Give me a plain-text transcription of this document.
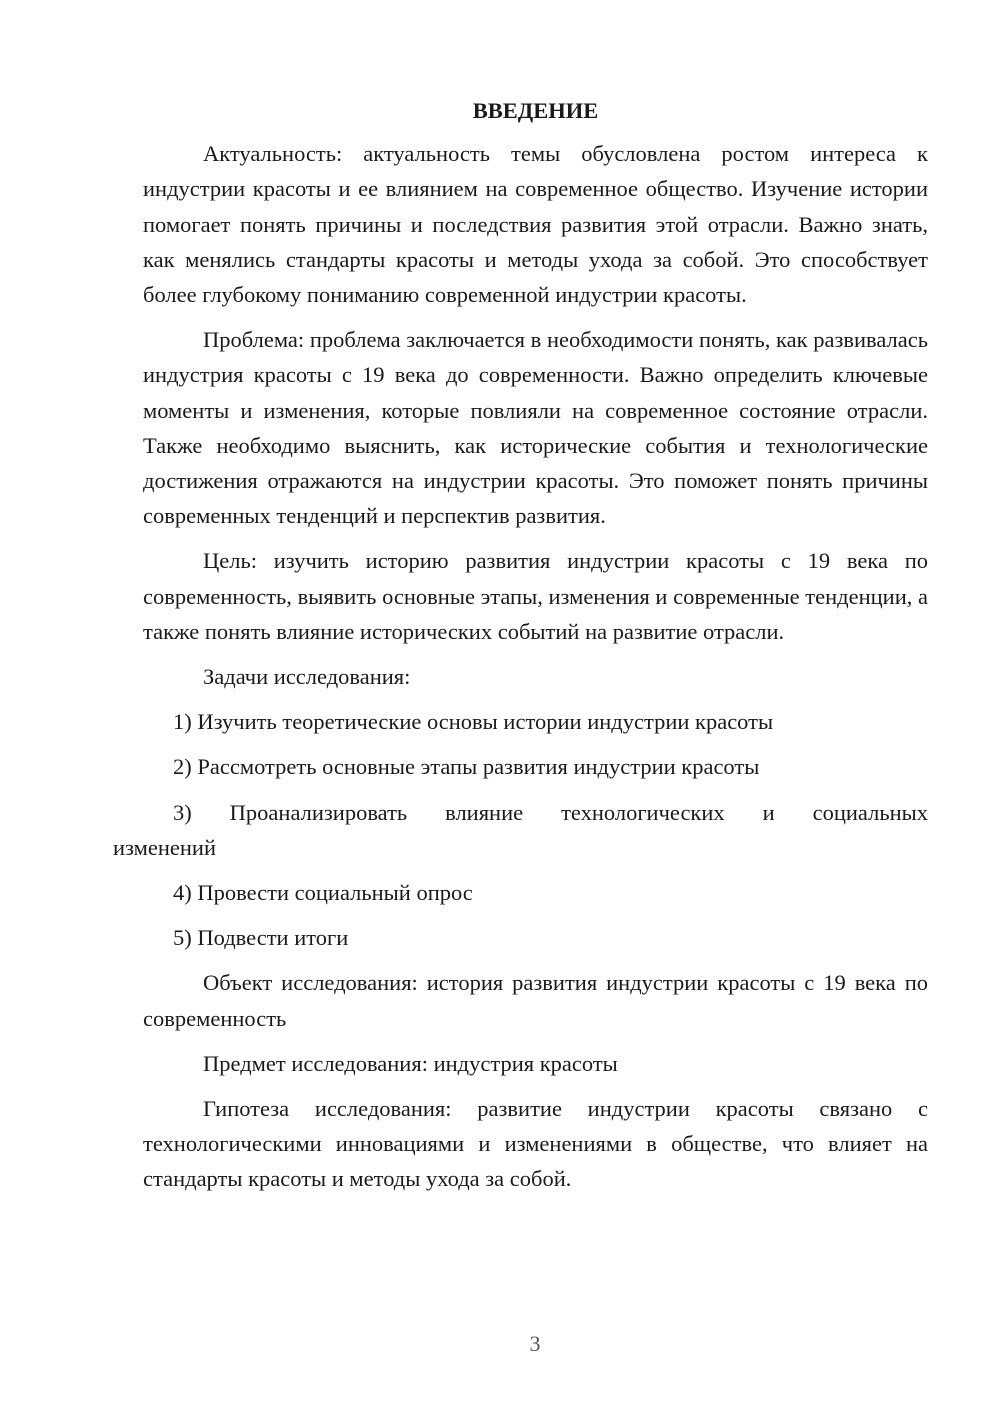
ВВЕДЕНИЕ

Актуальность: актуальность темы обусловлена ростом интереса к индустрии красоты и ее влиянием на современное общество. Изучение истории помогает понять причины и последствия развития этой отрасли. Важно знать, как менялись стандарты красоты и методы ухода за собой. Это способствует более глубокому пониманию современной индустрии красоты.

Проблема: проблема заключается в необходимости понять, как развивалась индустрия красоты с 19 века до современности. Важно определить ключевые моменты и изменения, которые повлияли на современное состояние отрасли. Также необходимо выяснить, как исторические события и технологические достижения отражаются на индустрии красоты. Это поможет понять причины современных тенденций и перспектив развития.

Цель: изучить историю развития индустрии красоты с 19 века по современность, выявить основные этапы, изменения и современные тенденции, а также понять влияние исторических событий на развитие отрасли.

Задачи исследования:

1) Изучить теоретические основы истории индустрии красоты

2) Рассмотреть основные этапы развития индустрии красоты

3) Проанализировать влияние технологических и социальных
изменений

4) Провести социальный опрос

5) Подвести итоги

Объект исследования: история развития индустрии красоты с 19 века по современность

Предмет исследования: индустрия красоты

Гипотеза исследования: развитие индустрии красоты связано с технологическими инновациями и изменениями в обществе, что влияет на стандарты красоты и методы ухода за собой.

3
